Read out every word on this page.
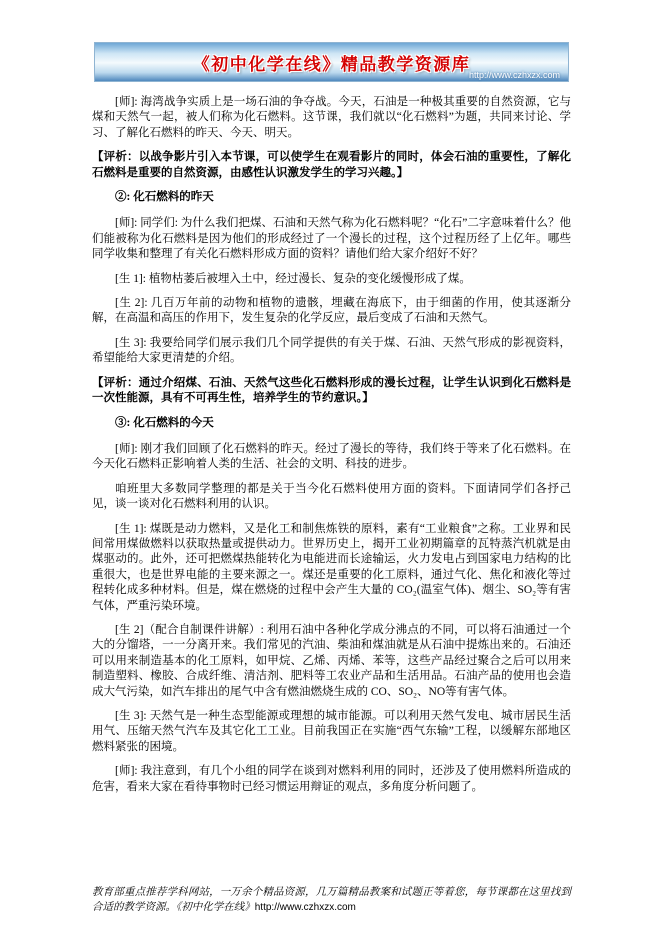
《初中化学在线》精品教学资源库
http://www.czhxzx.com

[师]: 海湾战争实质上是一场石油的争夺战。今天，石油是一种极其重要的自然资源，它与煤和天然气一起，被人们称为化石燃料。这节课，我们就以“化石燃料”为题，共同来讨论、学习、了解化石燃料的昨天、今天、明天。

【评析：以战争影片引入本节课，可以使学生在观看影片的同时，体会石油的重要性，了解化石燃料是重要的自然资源，由感性认识激发学生的学习兴趣。】

②: 化石燃料的昨天

[师]: 同学们: 为什么我们把煤、石油和天然气称为化石燃料呢？“化石”二字意味着什么？他们能被称为化石燃料是因为他们的形成经过了一个漫长的过程，这个过程历经了上亿年。哪些同学收集和整理了有关化石燃料形成方面的资料？请他们给大家介绍好不好？

[生 1]: 植物枯萎后被埋入土中，经过漫长、复杂的变化缓慢形成了煤。

[生 2]: 几百万年前的动物和植物的遗骸，埋藏在海底下，由于细菌的作用，使其逐渐分解，在高温和高压的作用下，发生复杂的化学反应，最后变成了石油和天然气。

[生 3]: 我要给同学们展示我们几个同学提供的有关于煤、石油、天然气形成的影视资料，希望能给大家更清楚的介绍。

【评析：通过介绍煤、石油、天然气这些化石燃料形成的漫长过程，让学生认识到化石燃料是一次性能源，具有不可再生性，培养学生的节约意识。】

③: 化石燃料的今天

[师]: 刚才我们回顾了化石燃料的昨天。经过了漫长的等待，我们终于等来了化石燃料。在今天化石燃料正影响着人类的生活、社会的文明、科技的进步。

咱班里大多数同学整理的都是关于当今化石燃料使用方面的资料。下面请同学们各抒己见，谈一谈对化石燃料利用的认识。

[生 1]: 煤既是动力燃料，又是化工和制焦炼铁的原料，素有“工业粮食”之称。工业界和民间常用煤做燃料以获取热量或提供动力。世界历史上，揭开工业初期篇章的瓦特蒸汽机就是由煤驱动的。此外，还可把燃煤热能转化为电能进而长途输运，火力发电占到国家电力结构的比重很大，也是世界电能的主要来源之一。煤还是重要的化工原料，通过气化、焦化和液化等过程转化成多种材料。但是，煤在燃烧的过程中会产生大量的 CO₂(温室气体)、烟尘、SO₂等有害气体，严重污染环境。

[生 2]（配合自制课件讲解）: 利用石油中各种化学成分沸点的不同，可以将石油通过一个大的分馏塔，一一分离开来。我们常见的汽油、柴油和煤油就是从石油中提炼出来的。石油还可以用来制造基本的化工原料，如甲烷、乙烯、丙烯、苯等，这些产品经过聚合之后可以用来制造塑料、橡胶、合成纤维、清洁剂、肥料等工农业产品和生活用品。石油产品的使用也会造成大气污染，如汽车排出的尾气中含有燃油燃烧生成的 CO、SO₂、NO等有害气体。

[生 3]: 天然气是一种生态型能源或理想的城市能源。可以利用天然气发电、城市居民生活用气、压缩天然气汽车及其它化工工业。目前我国正在实施“西气东输”工程，以缓解东部地区燃料紧张的困境。

[师]: 我注意到，有几个小组的同学在谈到对燃料利用的同时，还涉及了使用燃料所造成的危害，看来大家在看待事物时已经习惯运用辩证的观点，多角度分析问题了。

教育部重点推荐学科网站，一万余个精品资源，几万篇精品教案和试题正等着您，每节课都在这里找到合适的教学资源。《初中化学在线》http://www.czhxzx.com
